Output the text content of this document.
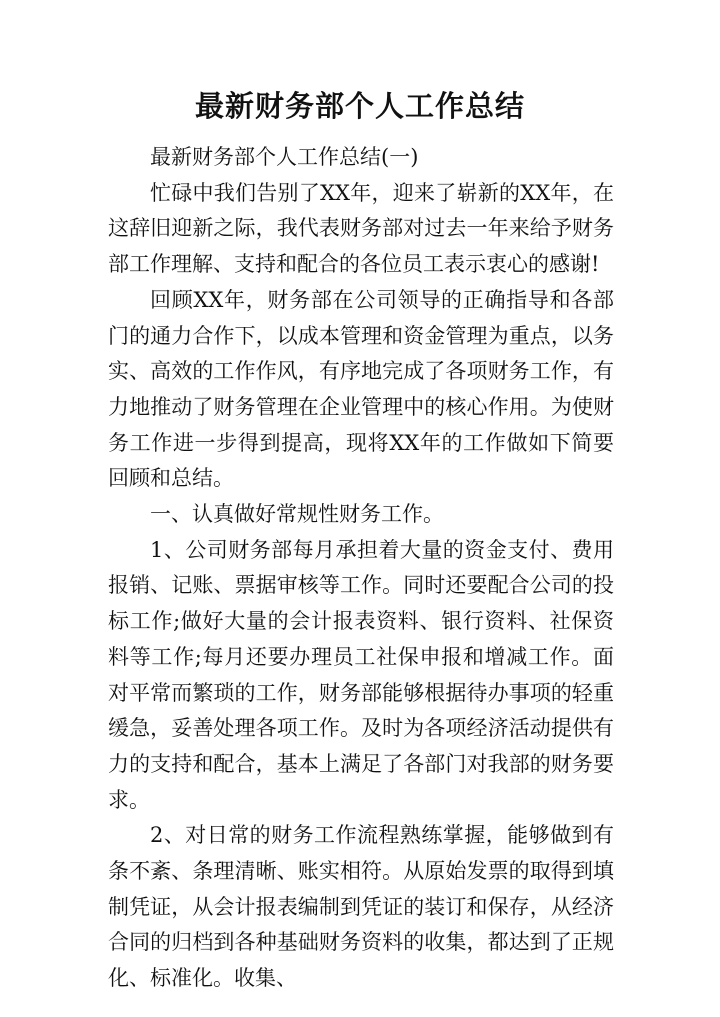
最新财务部个人工作总结

最新财务部个人工作总结(一)

忙碌中我们告别了XX年，迎来了崭新的XX年，在这辞旧迎新之际，我代表财务部对过去一年来给予财务部工作理解、支持和配合的各位员工表示衷心的感谢!

回顾XX年，财务部在公司领导的正确指导和各部门的通力合作下，以成本管理和资金管理为重点，以务实、高效的工作作风，有序地完成了各项财务工作，有力地推动了财务管理在企业管理中的核心作用。为使财务工作进一步得到提高，现将XX年的工作做如下简要回顾和总结。

一、认真做好常规性财务工作。

1、公司财务部每月承担着大量的资金支付、费用报销、记账、票据审核等工作。同时还要配合公司的投标工作;做好大量的会计报表资料、银行资料、社保资料等工作;每月还要办理员工社保申报和增减工作。面对平常而繁琐的工作，财务部能够根据待办事项的轻重缓急，妥善处理各项工作。及时为各项经济活动提供有力的支持和配合，基本上满足了各部门对我部的财务要求。

2、对日常的财务工作流程熟练掌握，能够做到有条不紊、条理清晰、账实相符。从原始发票的取得到填制凭证，从会计报表编制到凭证的装订和保存，从经济合同的归档到各种基础财务资料的收集，都达到了正规化、标准化。收集、
